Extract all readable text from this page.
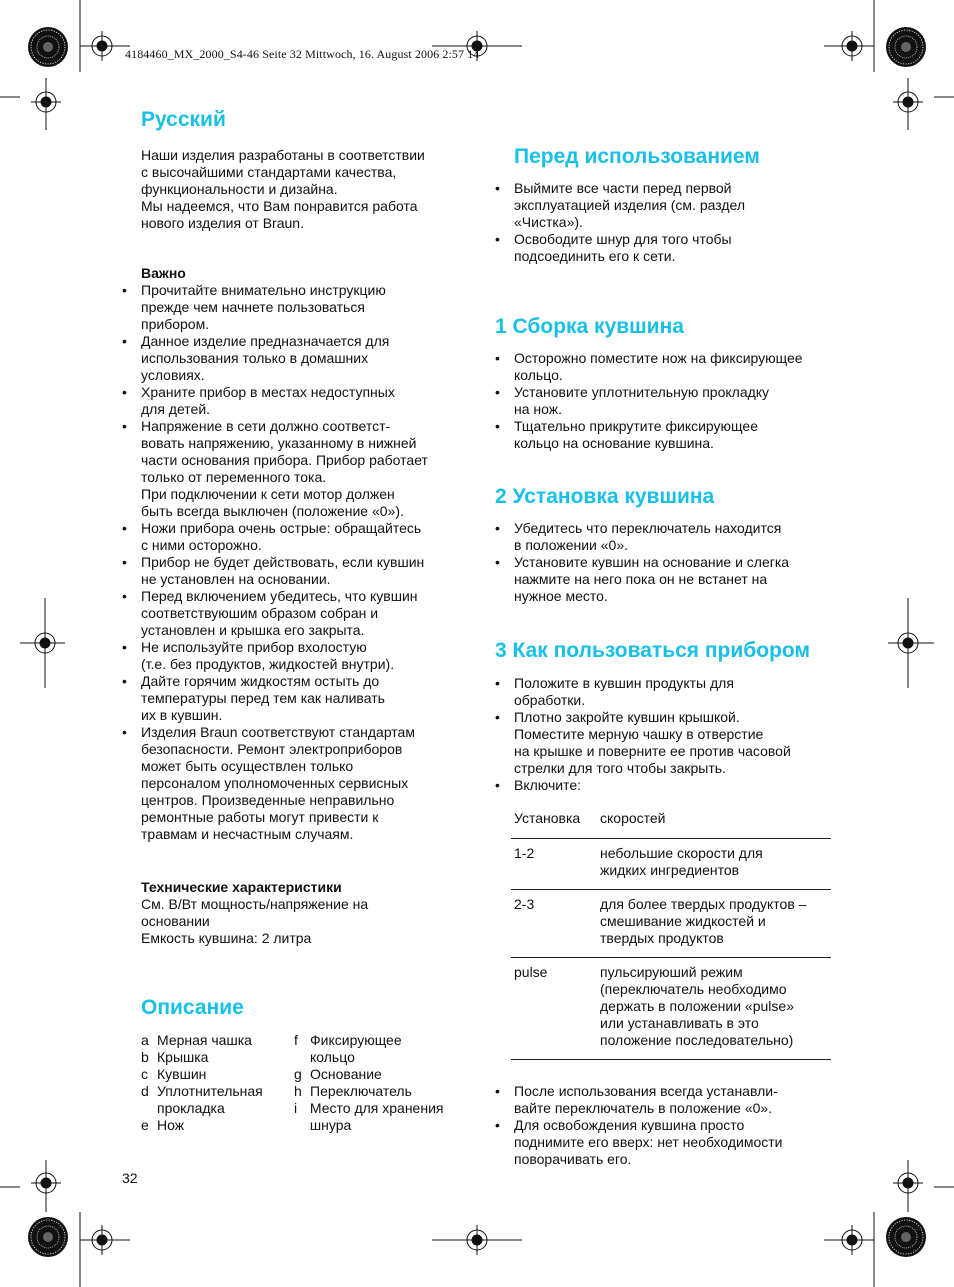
4184460_MX_2000_S4-46 Seite 32 Mittwoch, 16. August 2006 2:57 14
Русский

Наши изделия разработаны в соответствии

с высочайшими стандартами качества,

функциональности и дизайна.

Мы надеемся, что Вам понравится работа

нового изделия от Braun.

Важно

• Прочитайте внимательно инструкцию
прежде чем начнете пользоваться
прибором.
• Данное изделие предназначается для
использования только в домашних
условиях.
• Храните прибор в местах недоступных
для детей.
• Напряжение в сети должно соответст-
вовать напряжению, указанному в нижней
части основания прибора. Прибор работает
только от переменного тока.
При подключении к сети мотор должен
быть всегда выключен (положение «0»).
• Ножи прибора очень острые: обращайтесь
с ними осторожно.
• Прибор не будет действовать, если кувшин
не установлен на основании.
• Перед включением убедитесь, что кувшин
соответствуюшим образом собран и
установлен и крышка его закрыта.
• Не используйте прибор вхолостую
(т.е. без продуктов, жидкостей внутри).
• Дайте горячим жидкостям остыть до
температуры перед тем как наливать
их в кувшин.
• Изделия Braun соответствуют стандартам
безопасности. Ремонт электроприборов
может быть осуществлен только
персоналом уполномоченных сервисных
центров. Произведенные неправильно
ремонтные работы могут привести к
травмам и несчастным случаям.

Технические характеристики

См. В/Вт мощность/напряжение на

основании

Емкость кувшина: 2 литра

Описание
a Мерная чашка
b Крышка
c Кувшин
d Уплотнительная
прокладка
e Нож
f Фиксирующее
кольцо
g Основание
h Переключатель
i Место для хранения
шнура
32
Перед использованием
• Выймите все части перед первой
эксплуатацией изделия (см. раздел
«Чистка»).
• Освободите шнур для того чтобы
подсоединить его к сети.
1 Сборка кувшина
• Осторожно поместите нож на фиксирующее
кольцо.
• Установите уплотнительную прокладку
на нож.
• Тщательно прикрутите фиксирующее
кольцо на основание кувшина.
2 Установка кувшина
• Убедитесь что переключатель находится
в положении «0».
• Установите кувшин на основание и слегка
нажмите на него пока он не встанет на
нужное место.
3 Как пользоваться прибором
• Положите в кувшин продукты для
обработки.
• Плотно закройте кувшин крышкой.
Поместите мерную чашку в отверстие
на крышке и поверните ее против часовой
стрелки для того чтобы закрыть.
• Включите:
Установка	скоростей
1-2	небольшие скорости для
жидких ингредиентов
2-3	для более твердых продуктов –
смешивание жидкостей и
твердых продуктов
pulse	пульсируюший режим
(переключатель необходимо
держать в положении «pulse»
или устанавливать в это
положение последовательно)
• После использования всегда устанавли-
вайте переключатель в положение «0».
• Для освобождения кувшина просто
поднимите его вверх: нет необходимости
поворачивать его.
